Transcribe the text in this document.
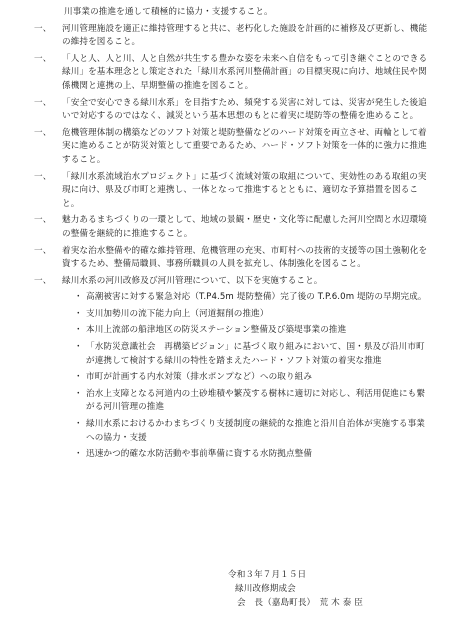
川事業の推進を通して積極的に協力・支援すること。
一、	河川管理施設を適正に維持管理すると共に、老朽化した施設を計画的に補修及び更新し、機能の維持を図ること。
一、	「人と人、人と川、人と自然が共生する豊かな姿を未来へ自信をもって引き継ぐことのできる緑川」を基本理念とし策定された「緑川水系河川整備計画」の目標実現に向け、地域住民や関係機関と連携の上、早期整備の推進を図ること。
一、	「安全で安心できる緑川水系」を目指すため、頻発する災害に対しては、災害が発生した後追いで対応するのではなく、減災という基本思想のもとに着実に堤防等の整備を進めること。
一、	危機管理体制の構築などのソフト対策と堤防整備などのハード対策を両立させ、両輪として着実に進めることが防災対策として重要であるため、ハード・ソフト対策を一体的に強力に推進すること。
一、	「緑川水系流域治水プロジェクト」に基づく流域対策の取組について、実効性のある取組の実現に向け、県及び市町と連携し、一体となって推進するとともに、適切な予算措置を図ること。
一、	魅力あるまちづくりの一環として、地域の景観・歴史・文化等に配慮した河川空間と水辺環境の整備を継続的に推進すること。
一、	着実な治水整備や的確な維持管理、危機管理の充実、市町村への技術的支援等の国土強靭化を資するため、整備局職員、事務所職員の人員を拡充し、体制強化を図ること。
一、	緑川水系の河川改修及び河川管理について、以下を実施すること。
・ 高潮被害に対する緊急対応（T.P4.5m 堤防整備）完了後の T.P.6.0m 堤防の早期完成。
・ 支川加勢川の流下能力向上（河道掘削の推進）
・ 本川上流部の船津地区の防災ステーション整備及び築堤事業の推進
・ 「水防災意識社会　再構築ビジョン」に基づく取り組みにおいて、国・県及び沿川市町が連携して検討する緑川の特性を踏まえたハード・ソフト対策の着実な推進
・ 市町が計画する内水対策（排水ポンプなど）への取り組み
・ 治水上支障となる河道内の土砂堆積や繁茂する樹林に適切に対応し、利活用促進にも繋がる河川管理の推進
・ 緑川水系におけるかわまちづくり支援制度の継続的な推進と沿川自治体が実施する事業への協力・支援
・ 迅速かつ的確な水防活動や事前準備に資する水防拠点整備
令和３年７月１５日
緑川改修期成会
会　長（嘉島町長）　荒 木 泰 臣
